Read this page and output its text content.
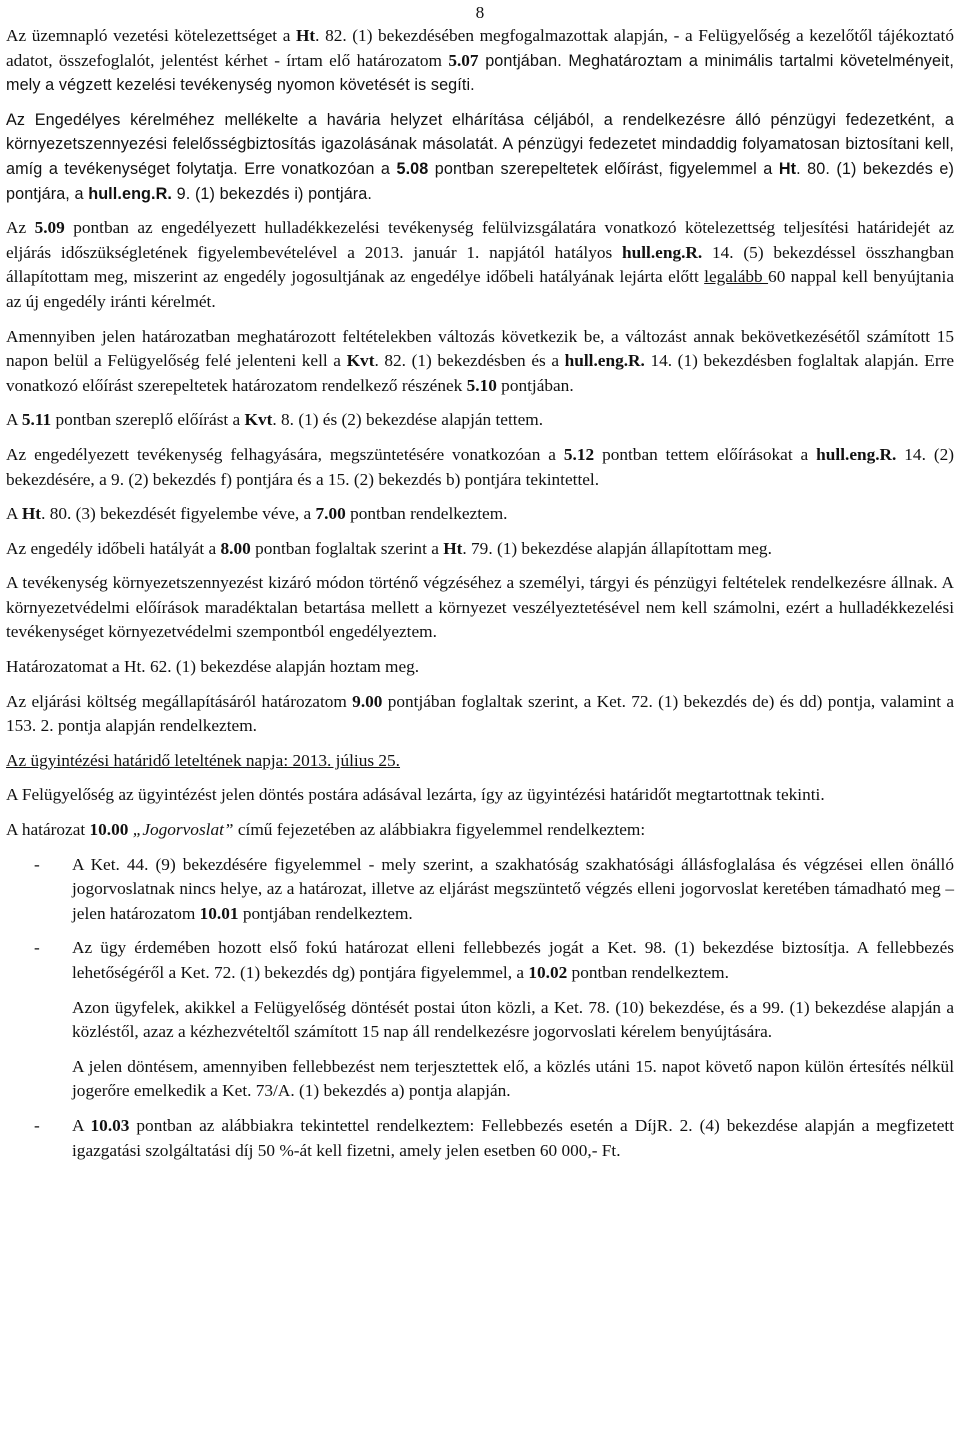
8

Az üzemnapló vezetési kötelezettséget a Ht. 82. (1) bekezdésében megfogalmazottak alapján, - a Felügyelőség a kezelőtől tájékoztató adatot, összefoglalót, jelentést kérhet - írtam elő határozatom 5.07 pontjában. Meghatároztam a minimális tartalmi követelményeit, mely a végzett kezelési tevékenység nyomon követését is segíti.

Az Engedélyes kérelméhez mellékelte a havária helyzet elhárítása céljából, a rendelkezésre álló pénzügyi fedezetként, a környezetszennyezési felelősségbiztosítás igazolásának másolatát. A pénzügyi fedezetet mindaddig folyamatosan biztosítani kell, amíg a tevékenységet folytatja. Erre vonatkozóan a 5.08 pontban szerepeltetek előírást, figyelemmel a Ht. 80. (1) bekezdés e) pontjára, a hull.eng.R. 9. (1) bekezdés i) pontjára.

Az 5.09 pontban az engedélyezett hulladékkezelési tevékenység felülvizsgálatára vonatkozó kötelezettség teljesítési határidejét az eljárás időszükségletének figyelembevételével a 2013. január 1. napjától hatályos hull.eng.R. 14. (5) bekezdéssel összhangban állapítottam meg, miszerint az engedély jogosultjának az engedélye időbeli hatályának lejárta előtt legalább 60 nappal kell benyújtania az új engedély iránti kérelmét.

Amennyiben jelen határozatban meghatározott feltételekben változás következik be, a változást annak bekövetkezésétől számított 15 napon belül a Felügyelőség felé jelenteni kell a Kvt. 82. (1) bekezdésben és a hull.eng.R. 14. (1) bekezdésben foglaltak alapján. Erre vonatkozó előírást szerepeltetek határozatom rendelkező részének 5.10 pontjában.

A 5.11 pontban szereplő előírást a Kvt. 8. (1) és (2) bekezdése alapján tettem.

Az engedélyezett tevékenység felhagyására, megszüntetésére vonatkozóan a 5.12 pontban tettem előírásokat a hull.eng.R. 14. (2) bekezdésére, a 9. (2) bekezdés f) pontjára és a 15. (2) bekezdés b) pontjára tekintettel.

A Ht. 80. (3) bekezdését figyelembe véve, a 7.00 pontban rendelkeztem.

Az engedély időbeli hatályát a 8.00 pontban foglaltak szerint a Ht. 79. (1) bekezdése alapján állapítottam meg.

A tevékenység környezetszennyezést kizáró módon történő végzéséhez a személyi, tárgyi és pénzügyi feltételek rendelkezésre állnak. A környezetvédelmi előírások maradéktalan betartása mellett a környezet veszélyeztetésével nem kell számolni, ezért a hulladékkezelési tevékenységet környezetvédelmi szempontból engedélyeztem.

Határozatomat a Ht. 62. (1) bekezdése alapján hoztam meg.

Az eljárási költség megállapításáról határozatom 9.00 pontjában foglaltak szerint, a Ket. 72. (1) bekezdés de) és dd) pontja, valamint a 153. 2. pontja alapján rendelkeztem.

Az ügyintézési határidő leteltének napja: 2013. július 25.

A Felügyelőség az ügyintézést jelen döntés postára adásával lezárta, így az ügyintézési határidőt megtartottnak tekinti.

A határozat 10.00 „Jogorvoslat” című fejezetében az alábbiakra figyelemmel rendelkeztem:

-	A Ket. 44. (9) bekezdésére figyelemmel - mely szerint, a szakhatóság szakhatósági állásfoglalása és végzései ellen önálló jogorvoslatnak nincs helye, az a határozat, illetve az eljárást megszüntető végzés elleni jogorvoslat keretében támadható meg – jelen határozatom 10.01 pontjában rendelkeztem.

-	Az ügy érdemében hozott első fokú határozat elleni fellebbezés jogát a Ket. 98. (1) bekezdése biztosítja. A fellebbezés lehetőségéről a Ket. 72. (1) bekezdés dg) pontjára figyelemmel, a 10.02 pontban rendelkeztem.

Azon ügyfelek, akikkel a Felügyelőség döntését postai úton közli, a Ket. 78. (10) bekezdése, és a 99. (1) bekezdése alapján a közléstől, azaz a kézhezvételtől számított 15 nap áll rendelkezésre jogorvoslati kérelem benyújtására.

A jelen döntésem, amennyiben fellebbezést nem terjesztettek elő, a közlés utáni 15. napot követő napon külön értesítés nélkül jogerőre emelkedik a Ket. 73/A. (1) bekezdés a) pontja alapján.

-	A 10.03 pontban az alábbiakra tekintettel rendelkeztem: Fellebbezés esetén a DíjR. 2. (4) bekezdése alapján a megfizetett igazgatási szolgáltatási díj 50 %-át kell fizetni, amely jelen esetben 60 000,- Ft.
